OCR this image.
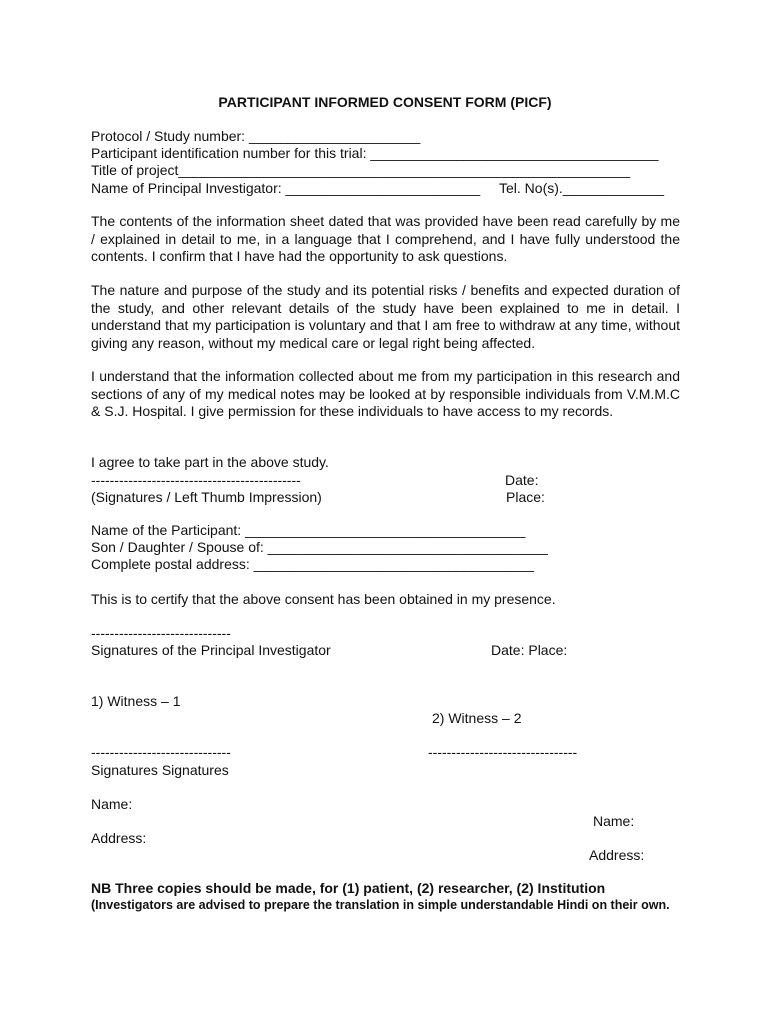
PARTICIPANT INFORMED CONSENT FORM (PICF)
Protocol / Study number: ______________________
Participant identification number for this trial: _____________________________________
Title of project__________________________________________________________
Name of Principal Investigator: _________________________ Tel. No(s)._____________
The contents of the information sheet dated that was provided have been read carefully by me / explained in detail to me, in a language that I comprehend, and I have fully understood the contents. I confirm that I have had the opportunity to ask questions.
The nature and purpose of the study and its potential risks / benefits and expected duration of the study, and other relevant details of the study have been explained to me in detail. I understand that my participation is voluntary and that I am free to withdraw at any time, without giving any reason, without my medical care or legal right being affected.
I understand that the information collected about me from my participation in this research and sections of any of my medical notes may be looked at by responsible individuals from V.M.M.C & S.J. Hospital. I give permission for these individuals to have access to my records.
I agree to take part in the above study.
---------------------------------------------	Date:
(Signatures / Left Thumb Impression)	Place:
Name of the Participant: ____________________________________
Son / Daughter / Spouse of: ____________________________________
Complete postal address: ____________________________________
This is to certify that the above consent has been obtained in my presence.
------------------------------
Signatures of the Principal Investigator	Date: Place:
1) Witness – 1
2) Witness – 2
------------------------------	--------------------------------
Signatures Signatures
Name:
Name:
Address:
Address:
NB Three copies should be made, for (1) patient, (2) researcher, (2) Institution
(Investigators are advised to prepare the translation in simple understandable Hindi on their own.
